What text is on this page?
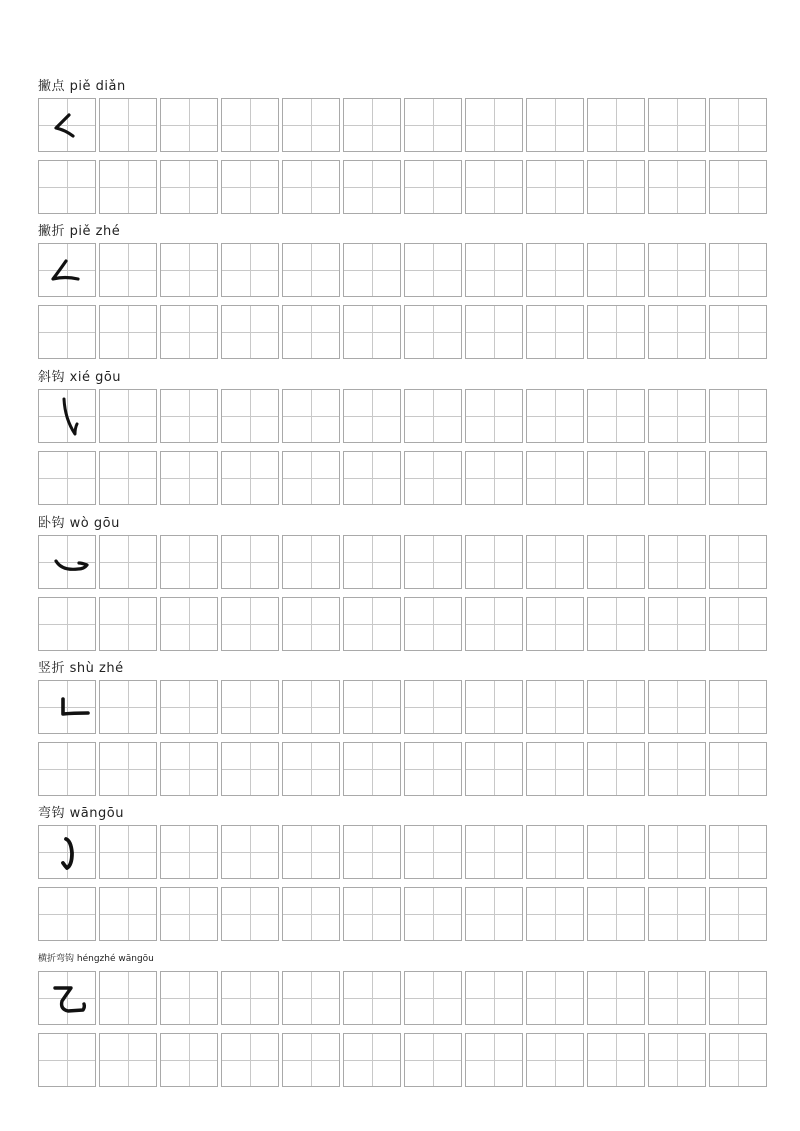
撇点 piě diǎn
撇折 piě zhé
斜钩 xié gōu
卧钩 wò gōu
竖折 shù zhé
弯钩 wāngōu
横折弯钩 héngzhé wāngōu
